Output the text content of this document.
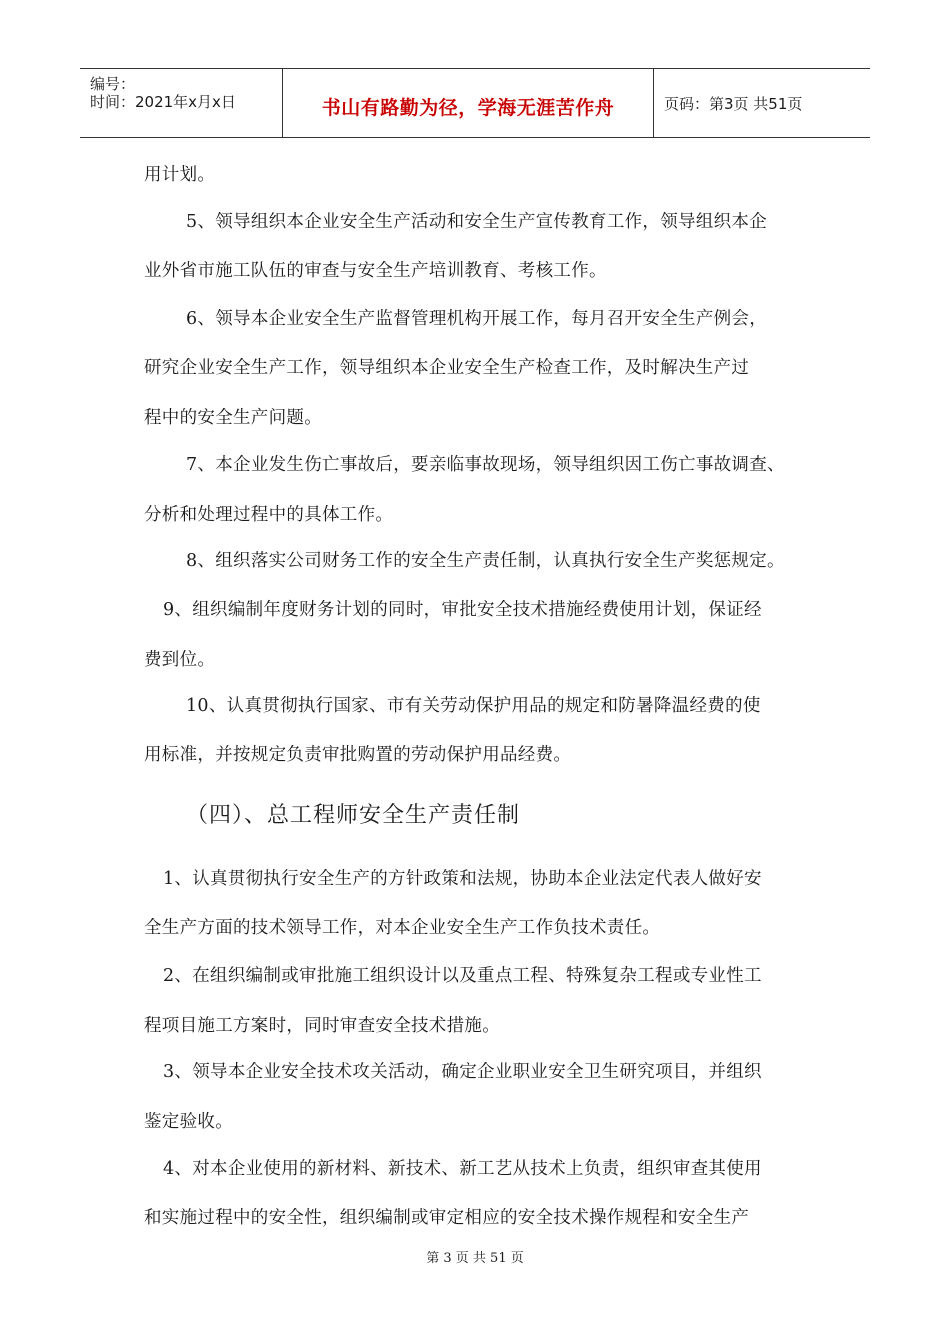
编号：
时间：2021年x月x日	书山有路勤为径，学海无涯苦作舟	页码：第3页 共51页
用计划。
5、领导组织本企业安全生产活动和安全生产宣传教育工作，领导组织本企
业外省市施工队伍的审查与安全生产培训教育、考核工作。
6、领导本企业安全生产监督管理机构开展工作，每月召开安全生产例会，
研究企业安全生产工作，领导组织本企业安全生产检查工作，及时解决生产过
程中的安全生产问题。
7、本企业发生伤亡事故后，要亲临事故现场，领导组织因工伤亡事故调查、
分析和处理过程中的具体工作。
8、组织落实公司财务工作的安全生产责任制，认真执行安全生产奖惩规定。
9、组织编制年度财务计划的同时，审批安全技术措施经费使用计划，保证经
费到位。
10、认真贯彻执行国家、市有关劳动保护用品的规定和防暑降温经费的使
用标准，并按规定负责审批购置的劳动保护用品经费。
（四）、总工程师安全生产责任制
1、认真贯彻执行安全生产的方针政策和法规，协助本企业法定代表人做好安
全生产方面的技术领导工作，对本企业安全生产工作负技术责任。
2、在组织编制或审批施工组织设计以及重点工程、特殊复杂工程或专业性工
程项目施工方案时，同时审查安全技术措施。
3、领导本企业安全技术攻关活动，确定企业职业安全卫生研究项目，并组织
鉴定验收。
4、对本企业使用的新材料、新技术、新工艺从技术上负责，组织审查其使用
和实施过程中的安全性，组织编制或审定相应的安全技术操作规程和安全生产
第 3 页 共 51 页
